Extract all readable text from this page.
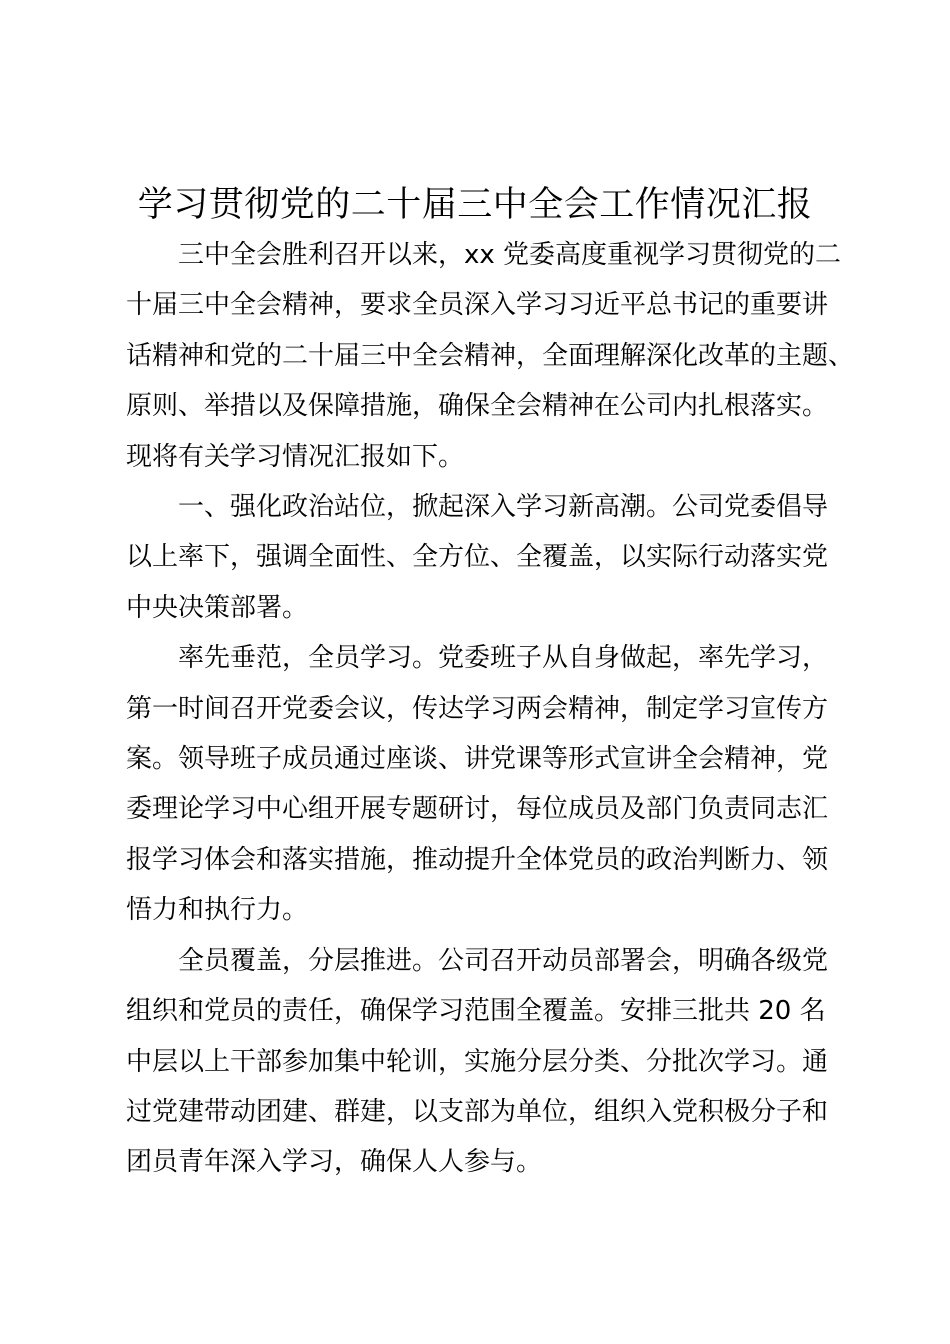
学习贯彻党的二十届三中全会工作情况汇报

三中全会胜利召开以来，xx 党委高度重视学习贯彻党的二
十届三中全会精神，要求全员深入学习习近平总书记的重要讲
话精神和党的二十届三中全会精神，全面理解深化改革的主题、
原则、举措以及保障措施，确保全会精神在公司内扎根落实。
现将有关学习情况汇报如下。

一、强化政治站位，掀起深入学习新高潮。公司党委倡导
以上率下，强调全面性、全方位、全覆盖，以实际行动落实党
中央决策部署。

率先垂范，全员学习。党委班子从自身做起，率先学习，
第一时间召开党委会议，传达学习两会精神，制定学习宣传方
案。领导班子成员通过座谈、讲党课等形式宣讲全会精神，党
委理论学习中心组开展专题研讨，每位成员及部门负责同志汇
报学习体会和落实措施，推动提升全体党员的政治判断力、领
悟力和执行力。

全员覆盖，分层推进。公司召开动员部署会，明确各级党
组织和党员的责任，确保学习范围全覆盖。安排三批共 20 名
中层以上干部参加集中轮训，实施分层分类、分批次学习。通
过党建带动团建、群建，以支部为单位，组织入党积极分子和
团员青年深入学习，确保人人参与。
